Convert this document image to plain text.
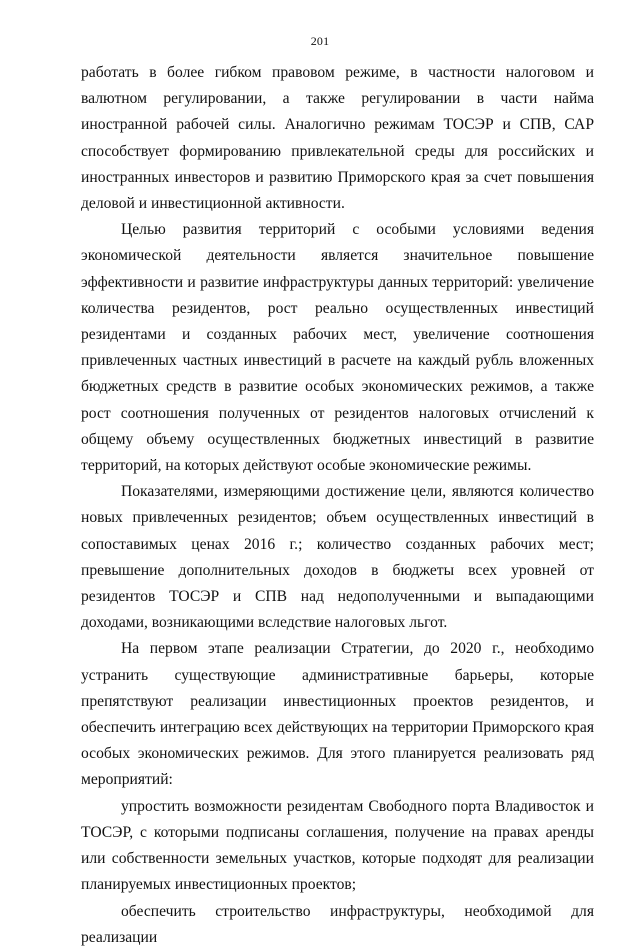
201

работать в более гибком правовом режиме, в частности налоговом и валютном регулировании, а также регулировании в части найма иностранной рабочей силы. Аналогично режимам ТОСЭР и СПВ, САР способствует формированию привлекательной среды для российских и иностранных инвесторов и развитию Приморского края за счет повышения деловой и инвестиционной активности.

Целью развития территорий с особыми условиями ведения экономической деятельности является значительное повышение эффективности и развитие инфраструктуры данных территорий: увеличение количества резидентов, рост реально осуществленных инвестиций резидентами и созданных рабочих мест, увеличение соотношения привлеченных частных инвестиций в расчете на каждый рубль вложенных бюджетных средств в развитие особых экономических режимов, а также рост соотношения полученных от резидентов налоговых отчислений к общему объему осуществленных бюджетных инвестиций в развитие территорий, на которых действуют особые экономические режимы.

Показателями, измеряющими достижение цели, являются количество новых привлеченных резидентов; объем осуществленных инвестиций в сопоставимых ценах 2016 г.; количество созданных рабочих мест; превышение дополнительных доходов в бюджеты всех уровней от резидентов ТОСЭР и СПВ над недополученными и выпадающими доходами, возникающими вследствие налоговых льгот.

На первом этапе реализации Стратегии, до 2020 г., необходимо устранить существующие административные барьеры, которые препятствуют реализации инвестиционных проектов резидентов, и обеспечить интеграцию всех действующих на территории Приморского края особых экономических режимов. Для этого планируется реализовать ряд мероприятий:

упростить возможности резидентам Свободного порта Владивосток и ТОСЭР, с которыми подписаны соглашения, получение на правах аренды или собственности земельных участков, которые подходят для реализации планируемых инвестиционных проектов;

обеспечить строительство инфраструктуры, необходимой для реализации
